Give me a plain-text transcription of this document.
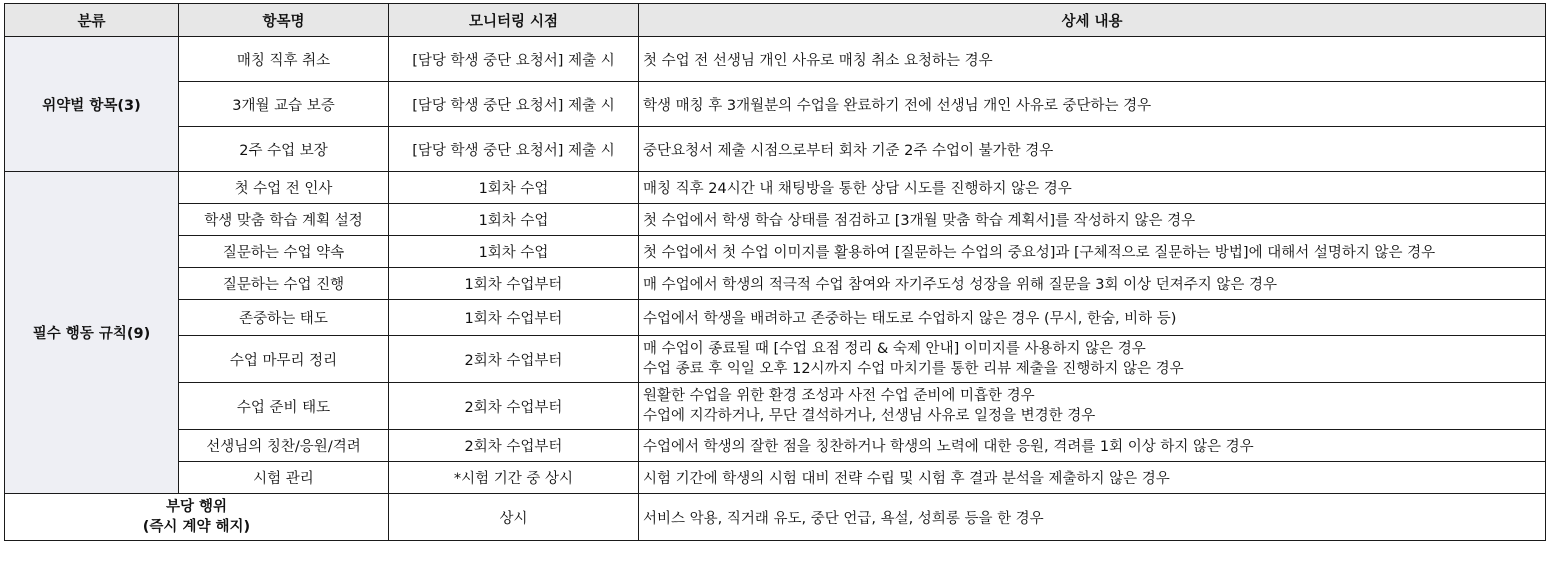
분류	항목명	모니터링 시점	상세 내용
위약벌 항목(3)	매칭 직후 취소	[담당 학생 중단 요청서] 제출 시	첫 수업 전 선생님 개인 사유로 매칭 취소 요청하는 경우
	3개월 교습 보증	[담당 학생 중단 요청서] 제출 시	학생 매칭 후 3개월분의 수업을 완료하기 전에 선생님 개인 사유로 중단하는 경우
	2주 수업 보장	[담당 학생 중단 요청서] 제출 시	중단요청서 제출 시점으로부터 회차 기준 2주 수업이 불가한 경우
필수 행동 규칙(9)	첫 수업 전 인사	1회차 수업	매칭 직후 24시간 내 채팅방을 통한 상담 시도를 진행하지 않은 경우
	학생 맞춤 학습 계획 설정	1회차 수업	첫 수업에서 학생 학습 상태를 점검하고 [3개월 맞춤 학습 계획서]를 작성하지 않은 경우
	질문하는 수업 약속	1회차 수업	첫 수업에서 첫 수업 이미지를 활용하여 [질문하는 수업의 중요성]과 [구체적으로 질문하는 방법]에 대해서 설명하지 않은 경우
	질문하는 수업 진행	1회차 수업부터	매 수업에서 학생의 적극적 수업 참여와 자기주도성 성장을 위해 질문을 3회 이상 던져주지 않은 경우
	존중하는 태도	1회차 수업부터	수업에서 학생을 배려하고 존중하는 태도로 수업하지 않은 경우 (무시, 한숨, 비하 등)
	수업 마무리 정리	2회차 수업부터	매 수업이 종료될 때 [수업 요점 정리 & 숙제 안내] 이미지를 사용하지 않은 경우
수업 종료 후 익일 오후 12시까지 수업 마치기를 통한 리뷰 제출을 진행하지 않은 경우

	수업 준비 태도	2회차 수업부터	원활한 수업을 위한 환경 조성과 사전 수업 준비에 미흡한 경우
수업에 지각하거나, 무단 결석하거나, 선생님 사유로 일정을 변경한 경우

	선생님의 칭찬/응원/격려	2회차 수업부터	수업에서 학생의 잘한 점을 칭찬하거나 학생의 노력에 대한 응원, 격려를 1회 이상 하지 않은 경우
	시험 관리	*시험 기간 중 상시	시험 기간에 학생의 시험 대비 전략 수립 및 시험 후 결과 분석을 제출하지 않은 경우

부당 행위
(즉시 계약 해지)		상시	서비스 악용, 직거래 유도, 중단 언급, 욕설, 성희롱 등을 한 경우
